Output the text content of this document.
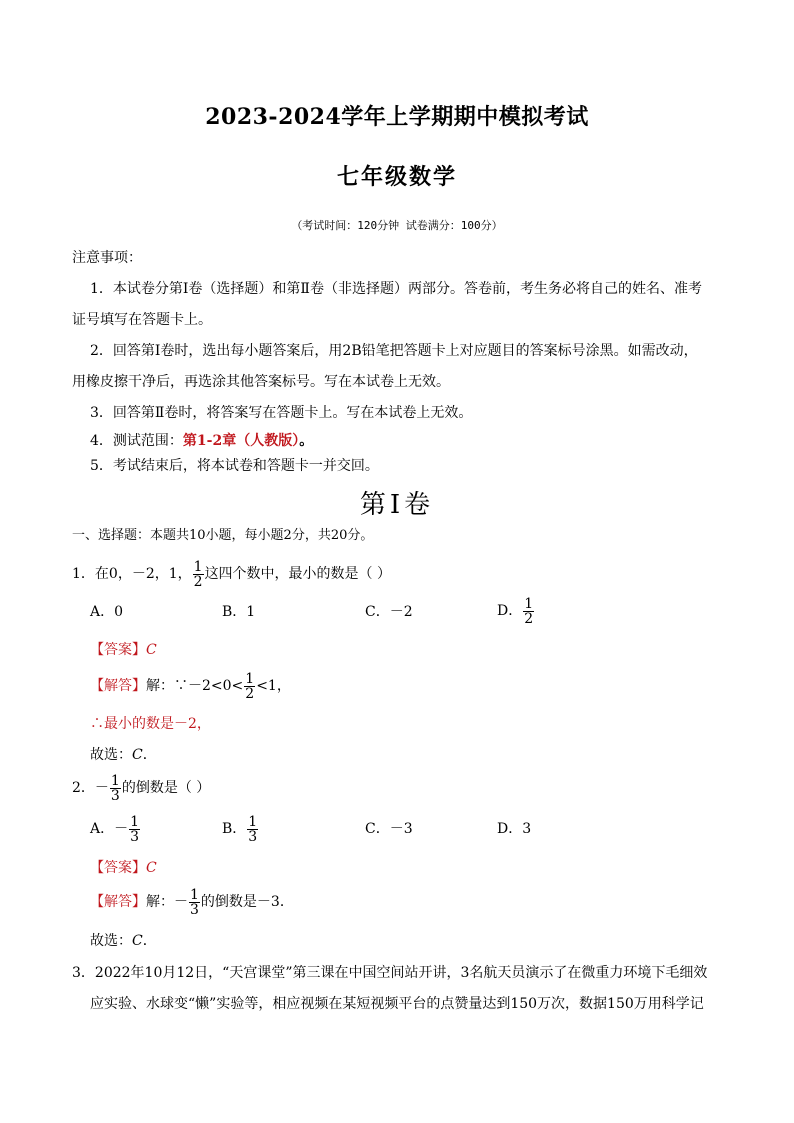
2023-2024学年上学期期中模拟考试
七年级数学
（考试时间：120分钟 试卷满分：100分）
注意事项：
1．本试卷分第Ⅰ卷（选择题）和第Ⅱ卷（非选择题）两部分。答卷前，考生务必将自己的姓名、准考
证号填写在答题卡上。
2．回答第Ⅰ卷时，选出每小题答案后，用2B铅笔把答题卡上对应题目的答案标号涂黑。如需改动，
用橡皮擦干净后，再选涂其他答案标号。写在本试卷上无效。
3．回答第Ⅱ卷时，将答案写在答题卡上。写在本试卷上无效。
4．测试范围：第1-2章（人教版）。
5．考试结束后，将本试卷和答题卡一并交回。
第Ⅰ卷
一、选择题：本题共10小题，每小题2分，共20分。
1．在0，－2，1， $\frac{1}{2}$ 这四个数中，最小的数是（ ）
A．0	B．1	C．－2	D． $\frac{1}{2}$
【答案】C
【解答】解：∵－2<0< $\frac{1}{2} <1$，
∴最小的数是－2，
故选：C．
2．－ $\frac{1}{3}$ 的倒数是（ ）
A．－ $\frac{1}{3}$	B． $\frac{1}{3}$	C．－3	D．3
【答案】C
【解答】解：－ $\frac{1}{3}$ 的倒数是－3．
故选：C．
3．2022年10月12日，“天宫课堂”第三课在中国空间站开讲，3名航天员演示了在微重力环境下毛细效
应实验、水球变“懒”实验等，相应视频在某短视频平台的点赞量达到150万次，数据150万用科学记
